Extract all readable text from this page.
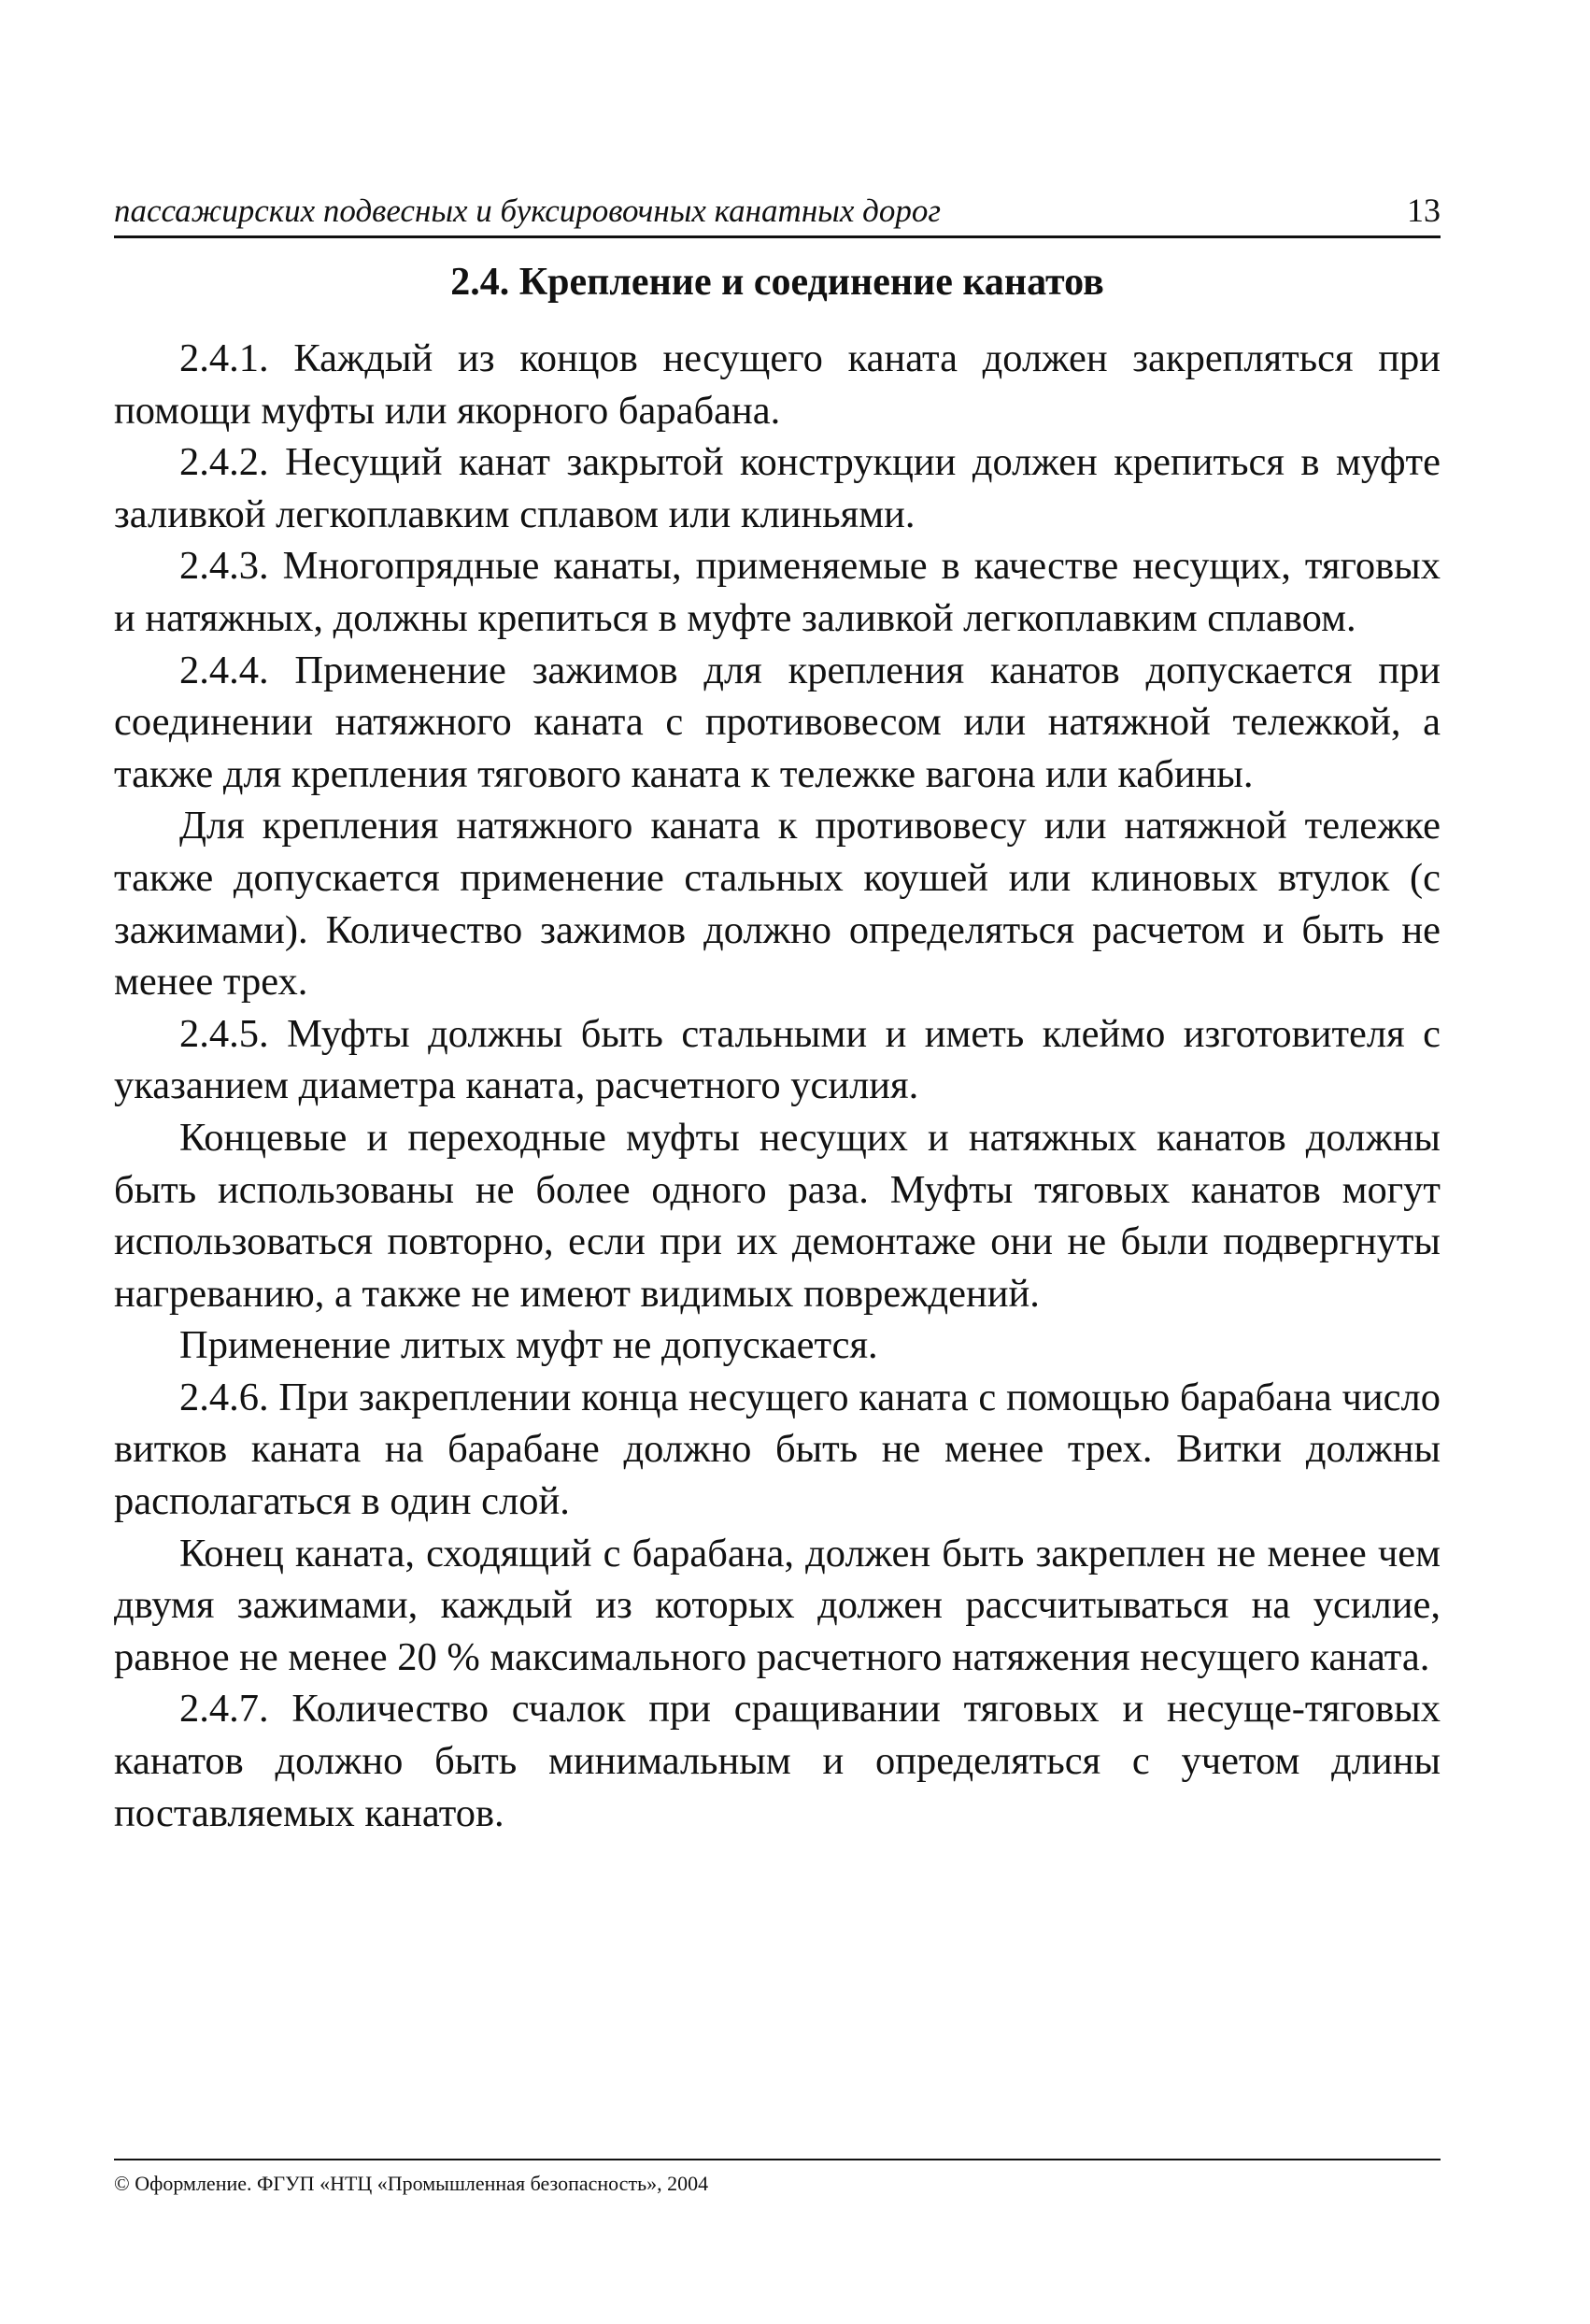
пассажирских подвесных и буксировочных канатных дорог	13
2.4. Крепление и соединение канатов

2.4.1. Каждый из концов несущего каната должен закрепляться при помощи муфты или якорного барабана.

2.4.2. Несущий канат закрытой конструкции должен крепиться в муфте заливкой легкоплавким сплавом или клиньями.

2.4.3. Многопрядные канаты, применяемые в качестве несущих, тяговых и натяжных, должны крепиться в муфте заливкой легкоплавким сплавом.

2.4.4. Применение зажимов для крепления канатов допускается при соединении натяжного каната с противовесом или натяжной тележкой, а также для крепления тягового каната к тележке вагона или кабины.

Для крепления натяжного каната к противовесу или натяжной тележке также допускается применение стальных коушей или клиновых втулок (с зажимами). Количество зажимов должно определяться расчетом и быть не менее трех.

2.4.5. Муфты должны быть стальными и иметь клеймо изготовителя с указанием диаметра каната, расчетного усилия.

Концевые и переходные муфты несущих и натяжных канатов должны быть использованы не более одного раза. Муфты тяговых канатов могут использоваться повторно, если при их демонтаже они не были подвергнуты нагреванию, а также не имеют видимых повреждений.

Применение литых муфт не допускается.

2.4.6. При закреплении конца несущего каната с помощью барабана число витков каната на барабане должно быть не менее трех. Витки должны располагаться в один слой.

Конец каната, сходящий с барабана, должен быть закреплен не менее чем двумя зажимами, каждый из которых должен рассчитываться на усилие, равное не менее 20 % максимального расчетного натяжения несущего каната.

2.4.7. Количество счалок при сращивании тяговых и несуще-тяговых канатов должно быть минимальным и определяться с учетом длины поставляемых канатов.

© Оформление. ФГУП «НТЦ «Промышленная безопасность», 2004
